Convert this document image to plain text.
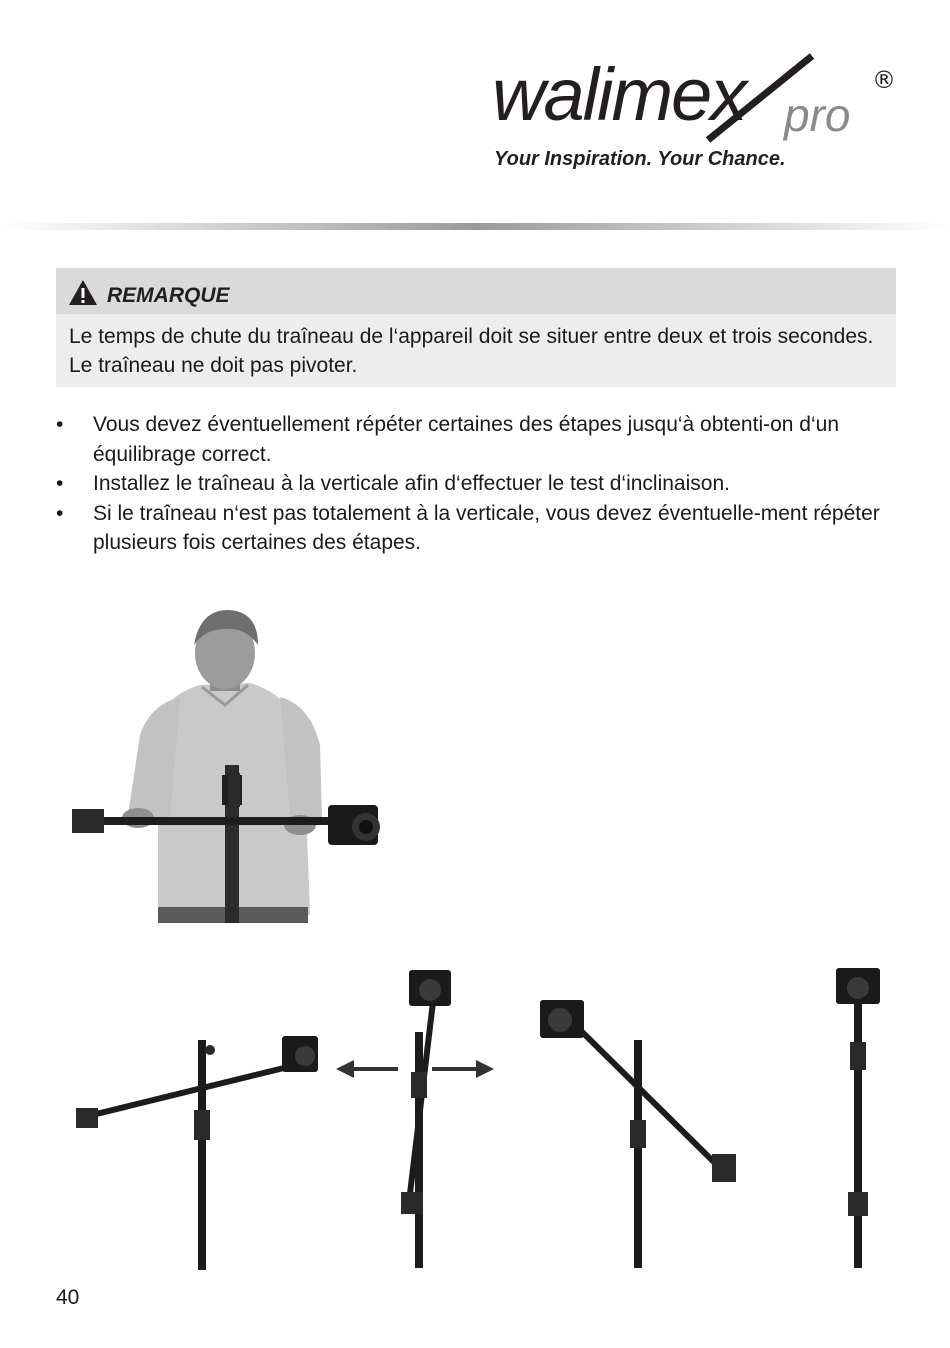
walimex pro
®
Your Inspiration. Your Chance.
REMARQUE
Le temps de chute du traîneau de l‘appareil doit se situer entre deux et trois secondes. Le traîneau ne doit pas pivoter.
• Vous devez éventuellement répéter certaines des étapes jusqu‘à obtenti-on d‘un équilibrage correct.
• Installez le traîneau à la verticale afin d‘effectuer le test d‘inclinaison.
• Si le traîneau n‘est pas totalement à la verticale, vous devez éventuelle-ment répéter plusieurs fois certaines des étapes.
40
